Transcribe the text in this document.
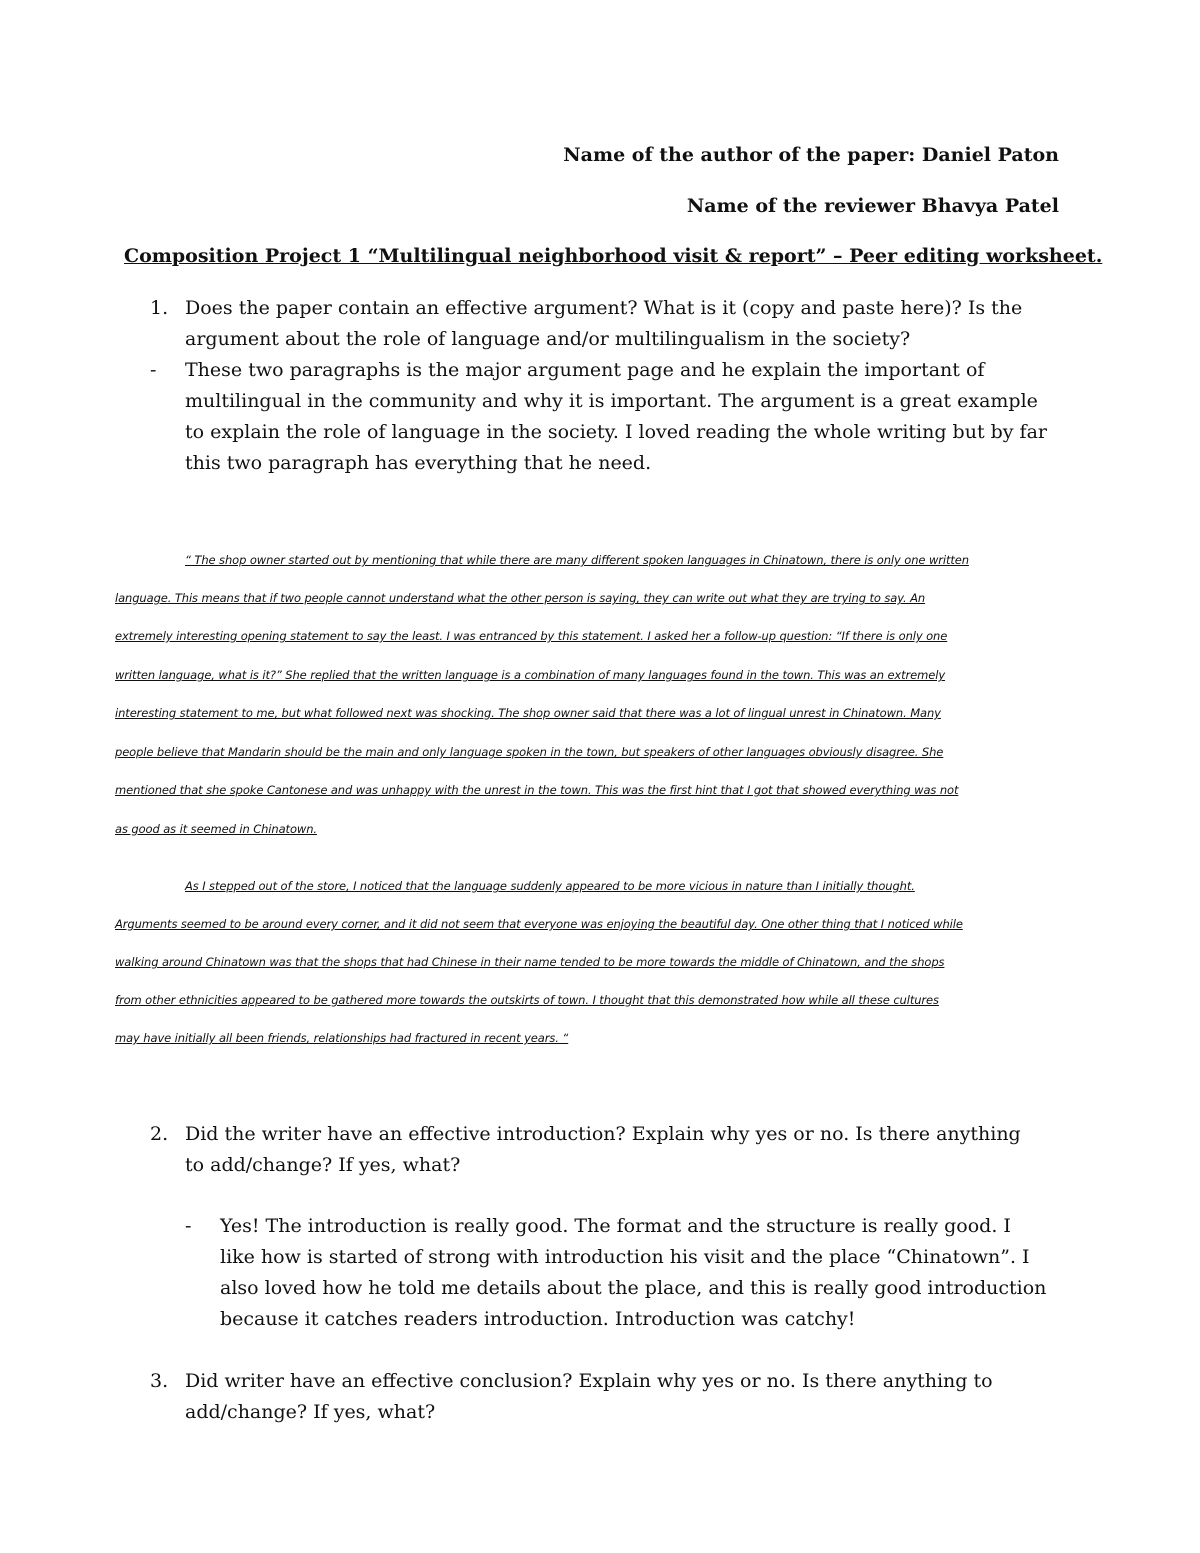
Name of the author of the paper: Daniel Paton
Name of the reviewer Bhavya Patel
Composition Project 1 “Multilingual neighborhood visit & report” – Peer editing worksheet.
1. Does the paper contain an effective argument? What is it (copy and paste here)? Is the argument about the role of language and/or multilingualism in the society?
- These two paragraphs is the major argument page and he explain the important of multilingual in the community and why it is important. The argument is a great example to explain the role of language in the society. I loved reading the whole writing but by far this two paragraph has everything that he need.
“ The shop owner started out by mentioning that while there are many different spoken languages in Chinatown, there is only one written
language. This means that if two people cannot understand what the other person is saying, they can write out what they are trying to say. An
extremely interesting opening statement to say the least. I was entranced by this statement. I asked her a follow-up question: “If there is only one
written language, what is it?” She replied that the written language is a combination of many languages found in the town. This was an extremely
interesting statement to me, but what followed next was shocking. The shop owner said that there was a lot of lingual unrest in Chinatown. Many
people believe that Mandarin should be the main and only language spoken in the town, but speakers of other languages obviously disagree. She
mentioned that she spoke Cantonese and was unhappy with the unrest in the town. This was the first hint that I got that showed everything was not
as good as it seemed in Chinatown.
As I stepped out of the store, I noticed that the language suddenly appeared to be more vicious in nature than I initially thought.
Arguments seemed to be around every corner, and it did not seem that everyone was enjoying the beautiful day. One other thing that I noticed while
walking around Chinatown was that the shops that had Chinese in their name tended to be more towards the middle of Chinatown, and the shops
from other ethnicities appeared to be gathered more towards the outskirts of town. I thought that this demonstrated how while all these cultures
may have initially all been friends, relationships had fractured in recent years. “
2. Did the writer have an effective introduction? Explain why yes or no. Is there anything to add/change? If yes, what?
- Yes! The introduction is really good. The format and the structure is really good. I like how is started of strong with introduction his visit and the place “Chinatown”. I also loved how he told me details about the place, and this is really good introduction because it catches readers introduction. Introduction was catchy!
3. Did writer have an effective conclusion? Explain why yes or no. Is there anything to add/change? If yes, what?
